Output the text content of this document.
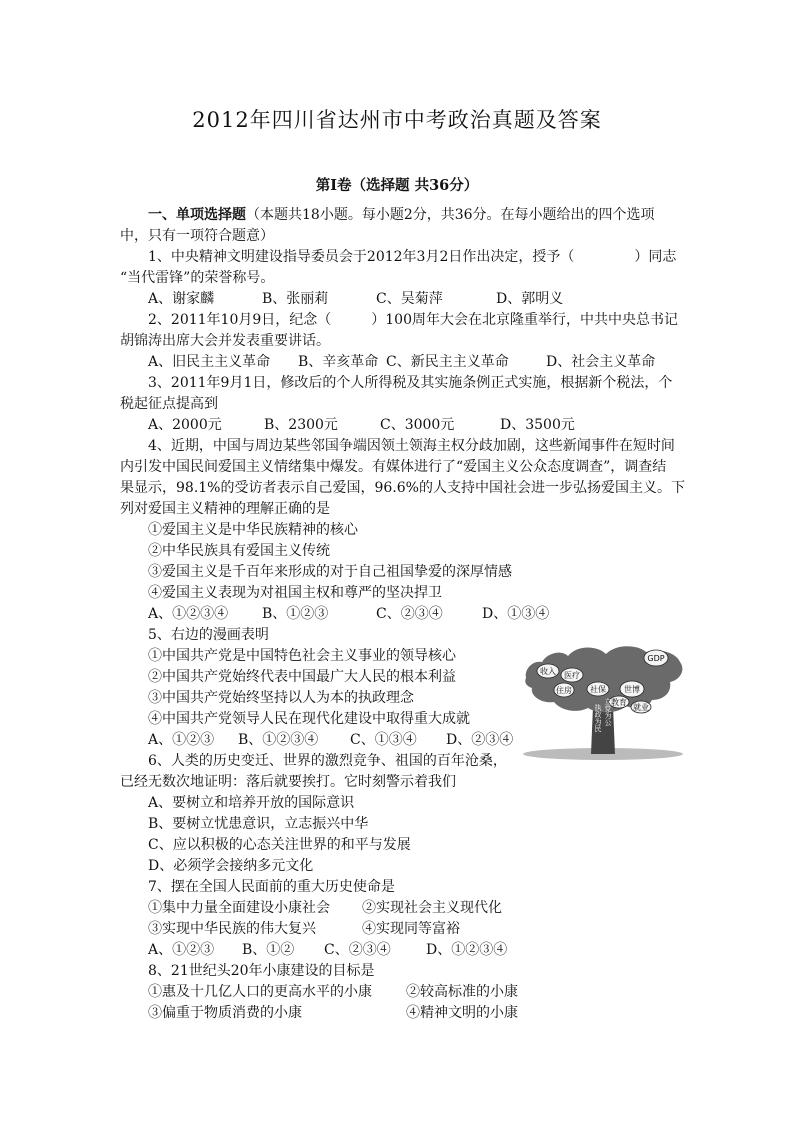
2012年四川省达州市中考政治真题及答案
第Ⅰ卷（选择题 共36分）
一、单项选择题（本题共18小题。每小题2分，共36分。在每小题给出的四个选项
中，只有一项符合题意）
1、中央精神文明建设指导委员会于2012年3月2日作出决定，授予（	）同志
“当代雷锋”的荣誉称号。
A、谢家麟	B、张丽莉	C、吴菊萍	D、郭明义
2、2011年10月9日，纪念（	）100周年大会在北京隆重举行，中共中央总书记
胡锦涛出席大会并发表重要讲话。
A、旧民主主义革命	B、辛亥革命 C、新民主主义革命	D、社会主义革命
3、2011年9月1日，修改后的个人所得税及其实施条例正式实施，根据新个税法，个
税起征点提高到
A、2000元	B、2300元	C、3000元	D、3500元
4、近期，中国与周边某些邻国争端因领土领海主权分歧加剧，这些新闻事件在短时间
内引发中国民间爱国主义情绪集中爆发。有媒体进行了“爱国主义公众态度调查”，调查结
果显示，98.1%的受访者表示自己爱国，96.6%的人支持中国社会进一步弘扬爱国主义。下
列对爱国主义精神的理解正确的是
①爱国主义是中华民族精神的核心
②中华民族具有爱国主义传统
③爱国主义是千百年来形成的对于自己祖国挚爱的深厚情感
④爱国主义表现为对祖国主权和尊严的坚决捍卫
A、①②③④	B、①②③	C、②③④	D、①③④
5、右边的漫画表明
①中国共产党是中国特色社会主义事业的领导核心
②中国共产党始终代表中国最广大人民的根本利益
③中国共产党始终坚持以人为本的执政理念
④中国共产党领导人民在现代化建设中取得重大成就
A、①②③	B、①②③④	C、①③④	D、②③④
6、人类的历史变迁、世界的激烈竞争、祖国的百年沧桑，
已经无数次地证明：落后就要挨打。它时刻警示着我们
A、要树立和培养开放的国际意识
B、要树立忧患意识，立志振兴中华
C、应以积极的心态关注世界的和平与发展
D、必须学会接纳多元文化
7、摆在全国人民面前的重大历史使命是
①集中力量全面建设小康社会	②实现社会主义现代化
③实现中华民族的伟大复兴	④实现同等富裕
A、①②③	B、①②	C、②③④	D、①②③④
8、21世纪头20年小康建设的目标是
①惠及十几亿人口的更高水平的小康	②较高标准的小康
③偏重于物质消费的小康	④精神文明的小康
GDP
收入 医疗
住房 社保 世博
教育
就业
执政为民 立党为公
